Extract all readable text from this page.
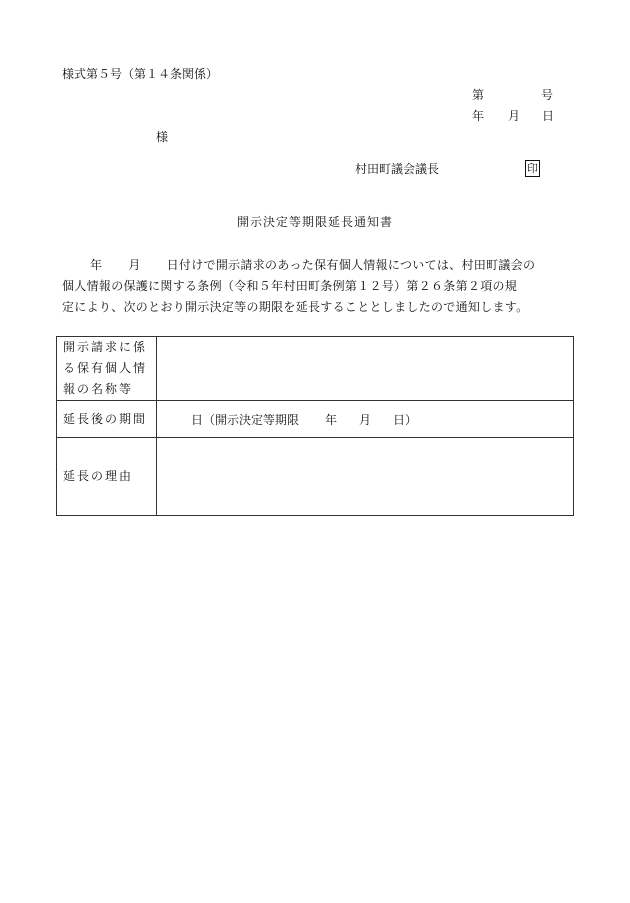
様式第５号（第１４条関係）
第	号
年 月 日
様
村田町議会議長	印
開示決定等期限延長通知書

年 月 日付けで開示請求のあった保有個人情報については、村田町議会の

個人情報の保護に関する条例（令和５年村田町条例第１２号）第２６条第２項の規

定により、次のとおり開示決定等の期限を延長することとしましたので通知します。

開示請求に係る保有個人情報の名称等	
延長後の期間	日（開示決定等期限 年 月 日）
延長の理由	
